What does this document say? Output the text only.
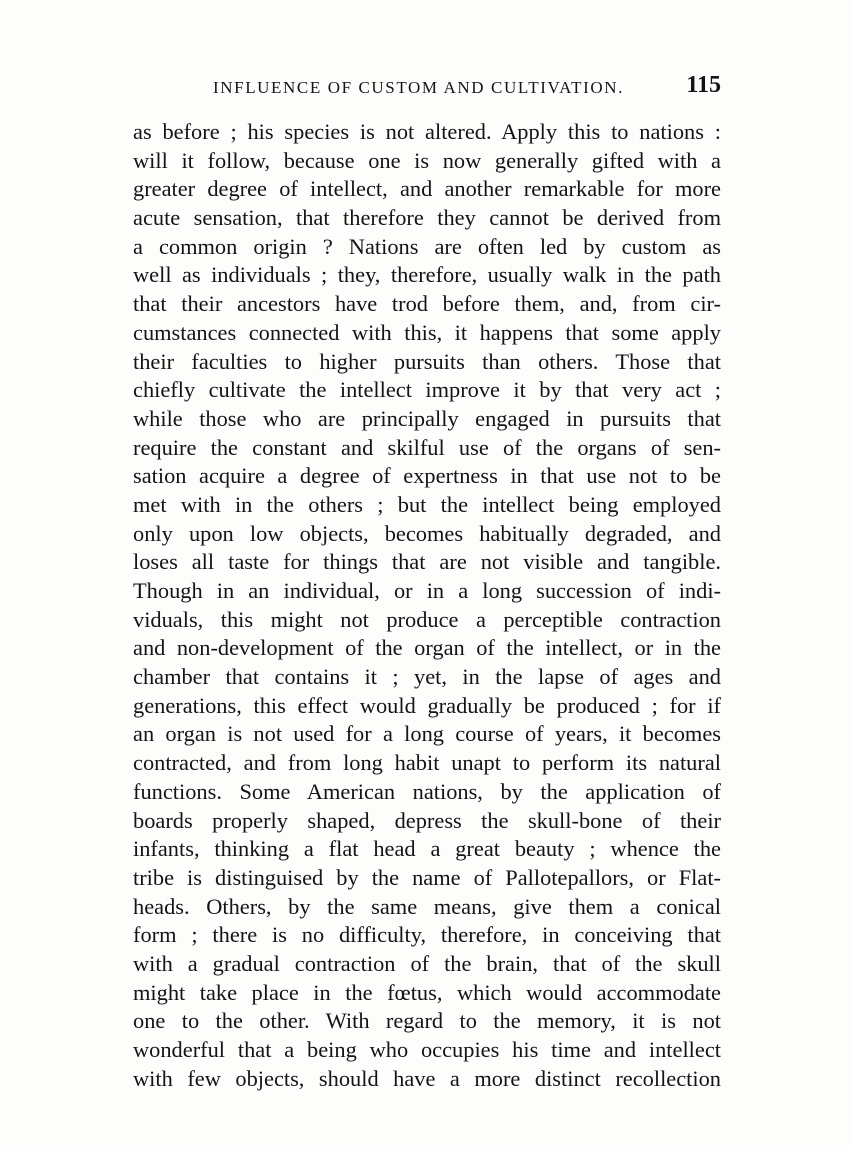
INFLUENCE OF CUSTOM AND CULTIVATION.	115
as before ; his species is not altered. Apply this to nations :
will it follow, because one is now generally gifted with a
greater degree of intellect, and another remarkable for more
acute sensation, that therefore they cannot be derived from
a common origin ? Nations are often led by custom as
well as individuals ; they, therefore, usually walk in the path
that their ancestors have trod before them, and, from cir-
cumstances connected with this, it happens that some apply
their faculties to higher pursuits than others. Those that
chiefly cultivate the intellect improve it by that very act ;
while those who are principally engaged in pursuits that
require the constant and skilful use of the organs of sen-
sation acquire a degree of expertness in that use not to be
met with in the others ; but the intellect being employed
only upon low objects, becomes habitually degraded, and
loses all taste for things that are not visible and tangible.
Though in an individual, or in a long succession of indi-
viduals, this might not produce a perceptible contraction
and non-development of the organ of the intellect, or in the
chamber that contains it ; yet, in the lapse of ages and
generations, this effect would gradually be produced ; for if
an organ is not used for a long course of years, it becomes
contracted, and from long habit unapt to perform its natural
functions. Some American nations, by the application of
boards properly shaped, depress the skull-bone of their
infants, thinking a flat head a great beauty ; whence the
tribe is distinguised by the name of Pallotepallors, or Flat-
heads. Others, by the same means, give them a conical
form ; there is no difficulty, therefore, in conceiving that
with a gradual contraction of the brain, that of the skull
might take place in the fœtus, which would accommodate
one to the other. With regard to the memory, it is not
wonderful that a being who occupies his time and intellect
with few objects, should have a more distinct recollection
